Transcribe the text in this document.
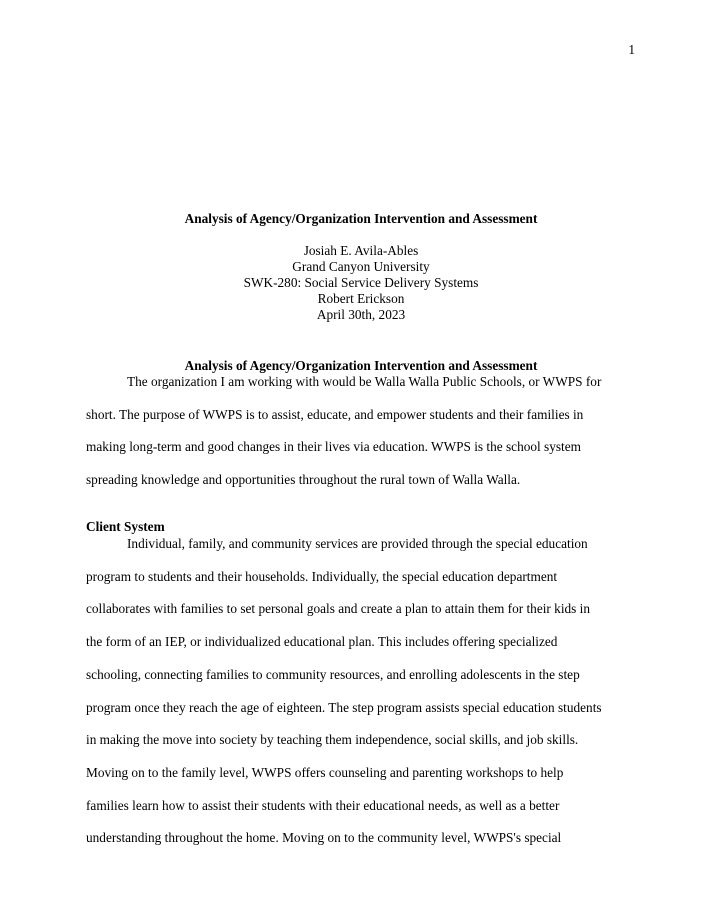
1
Analysis of Agency/Organization Intervention and Assessment
Josiah E. Avila-Ables
Grand Canyon University
SWK-280: Social Service Delivery Systems
Robert Erickson
April 30th, 2023
Analysis of Agency/Organization Intervention and Assessment
The organization I am working with would be Walla Walla Public Schools, or WWPS for
short. The purpose of WWPS is to assist, educate, and empower students and their families in
making long-term and good changes in their lives via education. WWPS is the school system
spreading knowledge and opportunities throughout the rural town of Walla Walla.
Client System
Individual, family, and community services are provided through the special education
program to students and their households. Individually, the special education department
collaborates with families to set personal goals and create a plan to attain them for their kids in
the form of an IEP, or individualized educational plan. This includes offering specialized
schooling, connecting families to community resources, and enrolling adolescents in the step
program once they reach the age of eighteen. The step program assists special education students
in making the move into society by teaching them independence, social skills, and job skills.
Moving on to the family level, WWPS offers counseling and parenting workshops to help
families learn how to assist their students with their educational needs, as well as a better
understanding throughout the home. Moving on to the community level, WWPS's special
